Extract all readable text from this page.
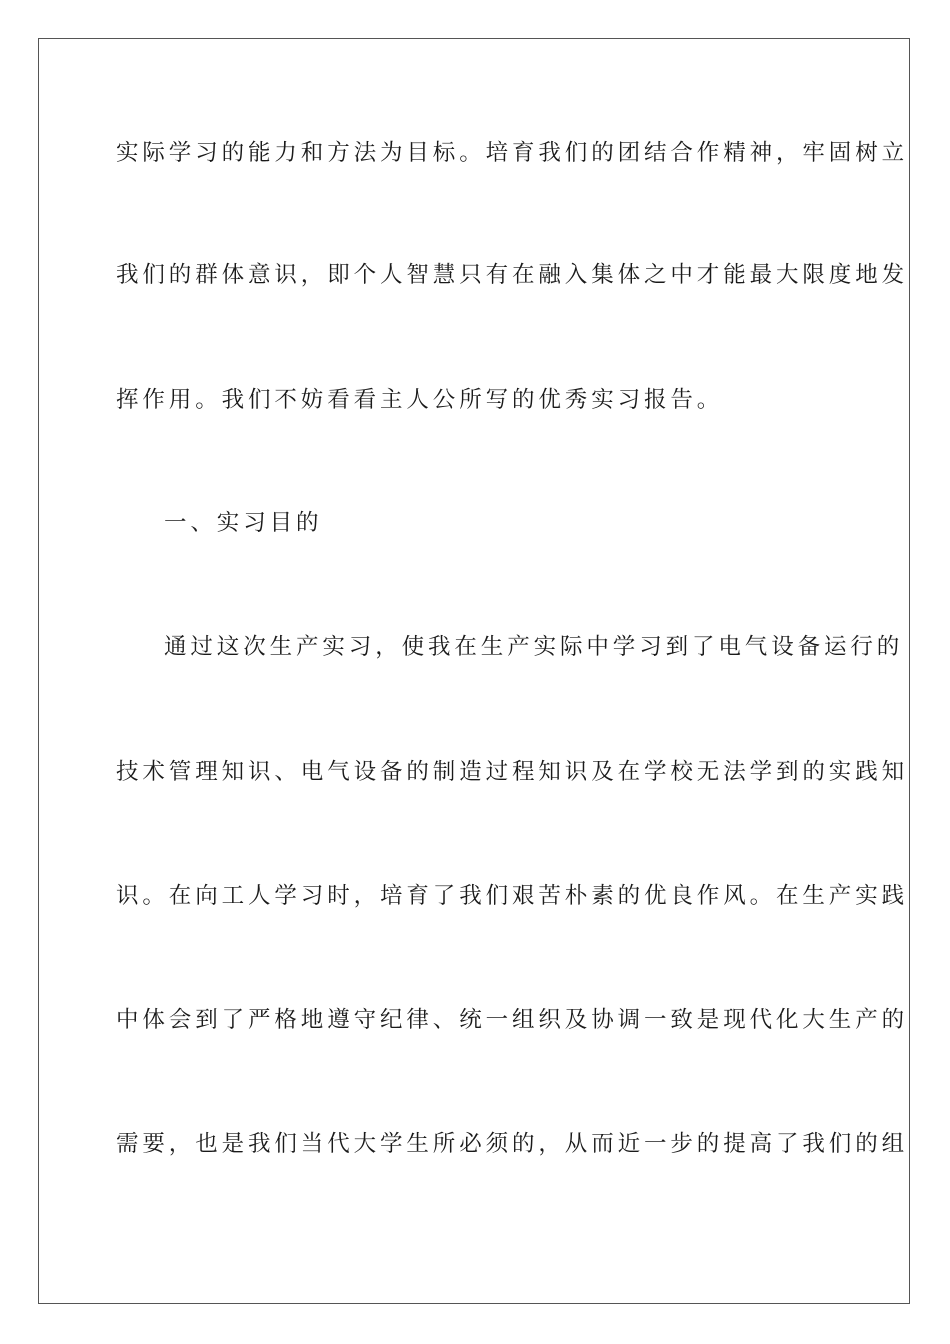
实际学习的能力和方法为目标。培育我们的团结合作精神，牢固树立
我们的群体意识，即个人智慧只有在融入集体之中才能最大限度地发
挥作用。我们不妨看看主人公所写的优秀实习报告。
一、实习目的
通过这次生产实习，使我在生产实际中学习到了电气设备运行的
技术管理知识、电气设备的制造过程知识及在学校无法学到的实践知
识。在向工人学习时，培育了我们艰苦朴素的优良作风。在生产实践
中体会到了严格地遵守纪律、统一组织及协调一致是现代化大生产的
需要，也是我们当代大学生所必须的，从而近一步的提高了我们的组
